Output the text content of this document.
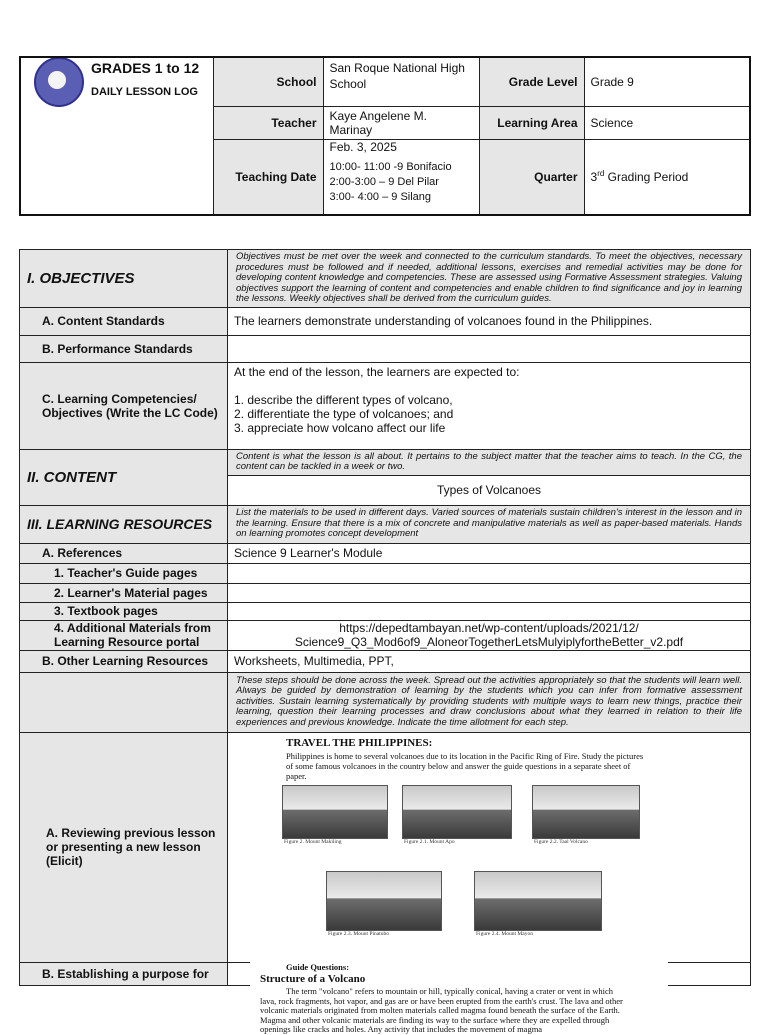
GRADES 1 to 12
DAILY LESSON LOG	School	San Roque National High School	Grade Level	Grade 9
	Teacher	Kaye Angelene M. Marinay	Learning Area	Science
	Teaching Date	Feb. 3, 2025
10:00- 11:00 -9 Bonifacio
2:00-3:00 – 9 Del Pilar
3:00- 4:00 – 9 Silang	Quarter	3rd Grading Period
I. OBJECTIVES	Objectives must be met over the week and connected to the curriculum standards. To meet the objectives, necessary procedures must be followed and if needed, additional lessons, exercises and remedial activities may be done for developing content knowledge and competencies. These are assessed using Formative Assessment strategies. Valuing objectives support the learning of content and competencies and enable children to find significance and joy in learning the lessons. Weekly objectives shall be derived from the curriculum guides.
A. Content Standards	The learners demonstrate understanding of volcanoes found in the Philippines.
B. Performance Standards	
C. Learning Competencies/ Objectives (Write the LC Code)	At the end of the lesson, the learners are expected to:
1. describe the different types of volcano,
2. differentiate the type of volcanoes; and
3. appreciate how volcano affect our life

II. CONTENT	Content is what the lesson is all about. It pertains to the subject matter that the teacher aims to teach. In the CG, the content can be tackled in a week or two.
	Types of Volcanoes
III. LEARNING RESOURCES	List the materials to be used in different days. Varied sources of materials sustain children's interest in the lesson and in the learning. Ensure that there is a mix of concrete and manipulative materials as well as paper-based materials. Hands on learning promotes concept development
A. References	Science 9 Learner's Module
1. Teacher's Guide pages	
2. Learner's Material pages	
3. Textbook pages	
4. Additional Materials from Learning Resource portal	https://depedtambayan.net/wp-content/uploads/2021/12/
Science9_Q3_Mod6of9_AloneorTogetherLetsMulyiplyfortheBetter_v2.pdf

B. Other Learning Resources	Worksheets, Multimedia, PPT,
	These steps should be done across the week. Spread out the activities appropriately so that the students will learn well. Always be guided by demonstration of learning by the students which you can infer from formative assessment activities. Sustain learning systematically by providing students with multiple ways to learn new things, practice their learning, question their learning processes and draw conclusions about what they learned in relation to their life experiences and previous knowledge. Indicate the time allotment for each step.

A. Reviewing previous lesson or presenting a new lesson (Elicit)	

B. Establishing a purpose for	
TRAVEL THE PHILIPPINES:
Philippines is home to several volcanoes due to its location in the Pacific Ring of Fire. Study the pictures of some famous volcanoes in the country below and answer the guide questions in a separate sheet of paper.
Figure 2. Mount Makiling	Figure 2.1. Mount Apo	Figure 2.2. Taal Volcano
Figure 2.3. Mount Pinatubo	Figure 2.4. Mount Mayon
Guide Questions:
Structure of a Volcano
The term "volcano" refers to mountain or hill, typically conical, having a crater or vent in which lava, rock fragments, hot vapor, and gas are or have been erupted from the earth's crust. The lava and other volcanic materials originated from molten materials called magma found beneath the surface of the Earth. Magma and other volcanic materials are finding its way to the surface where they are expelled through openings like cracks and holes. Any activity that includes the movement of magma
